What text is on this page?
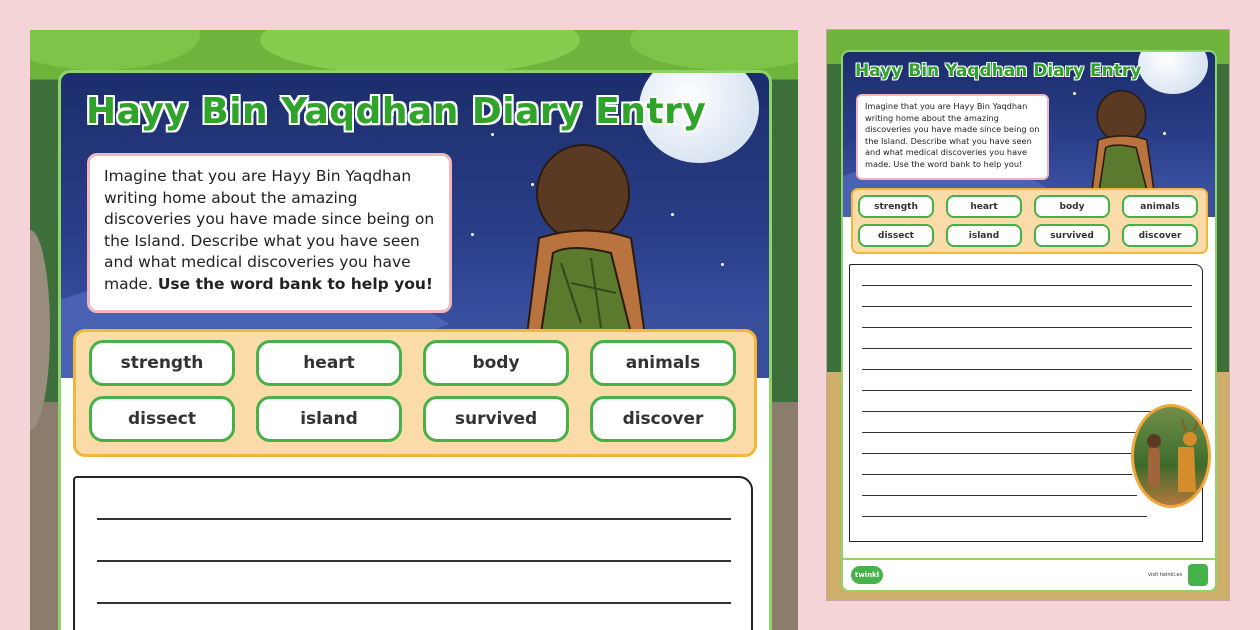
Hayy Bin Yaqdhan Diary Entry
Imagine that you are Hayy Bin Yaqdhan writing home about the amazing discoveries you have made since being on the Island. Describe what you have seen and what medical discoveries you have made. Use the word bank to help you!
strength	heart	body	animals
dissect	island	survived	discover
Hayy Bin Yaqdhan Diary Entry
Imagine that you are Hayy Bin Yaqdhan writing home about the amazing discoveries you have made since being on the Island. Describe what you have seen and what medical discoveries you have made. Use the word bank to help you!
strength	heart	body	animals
dissect	island	survived	discover
twinkl	visit twinkl.es
